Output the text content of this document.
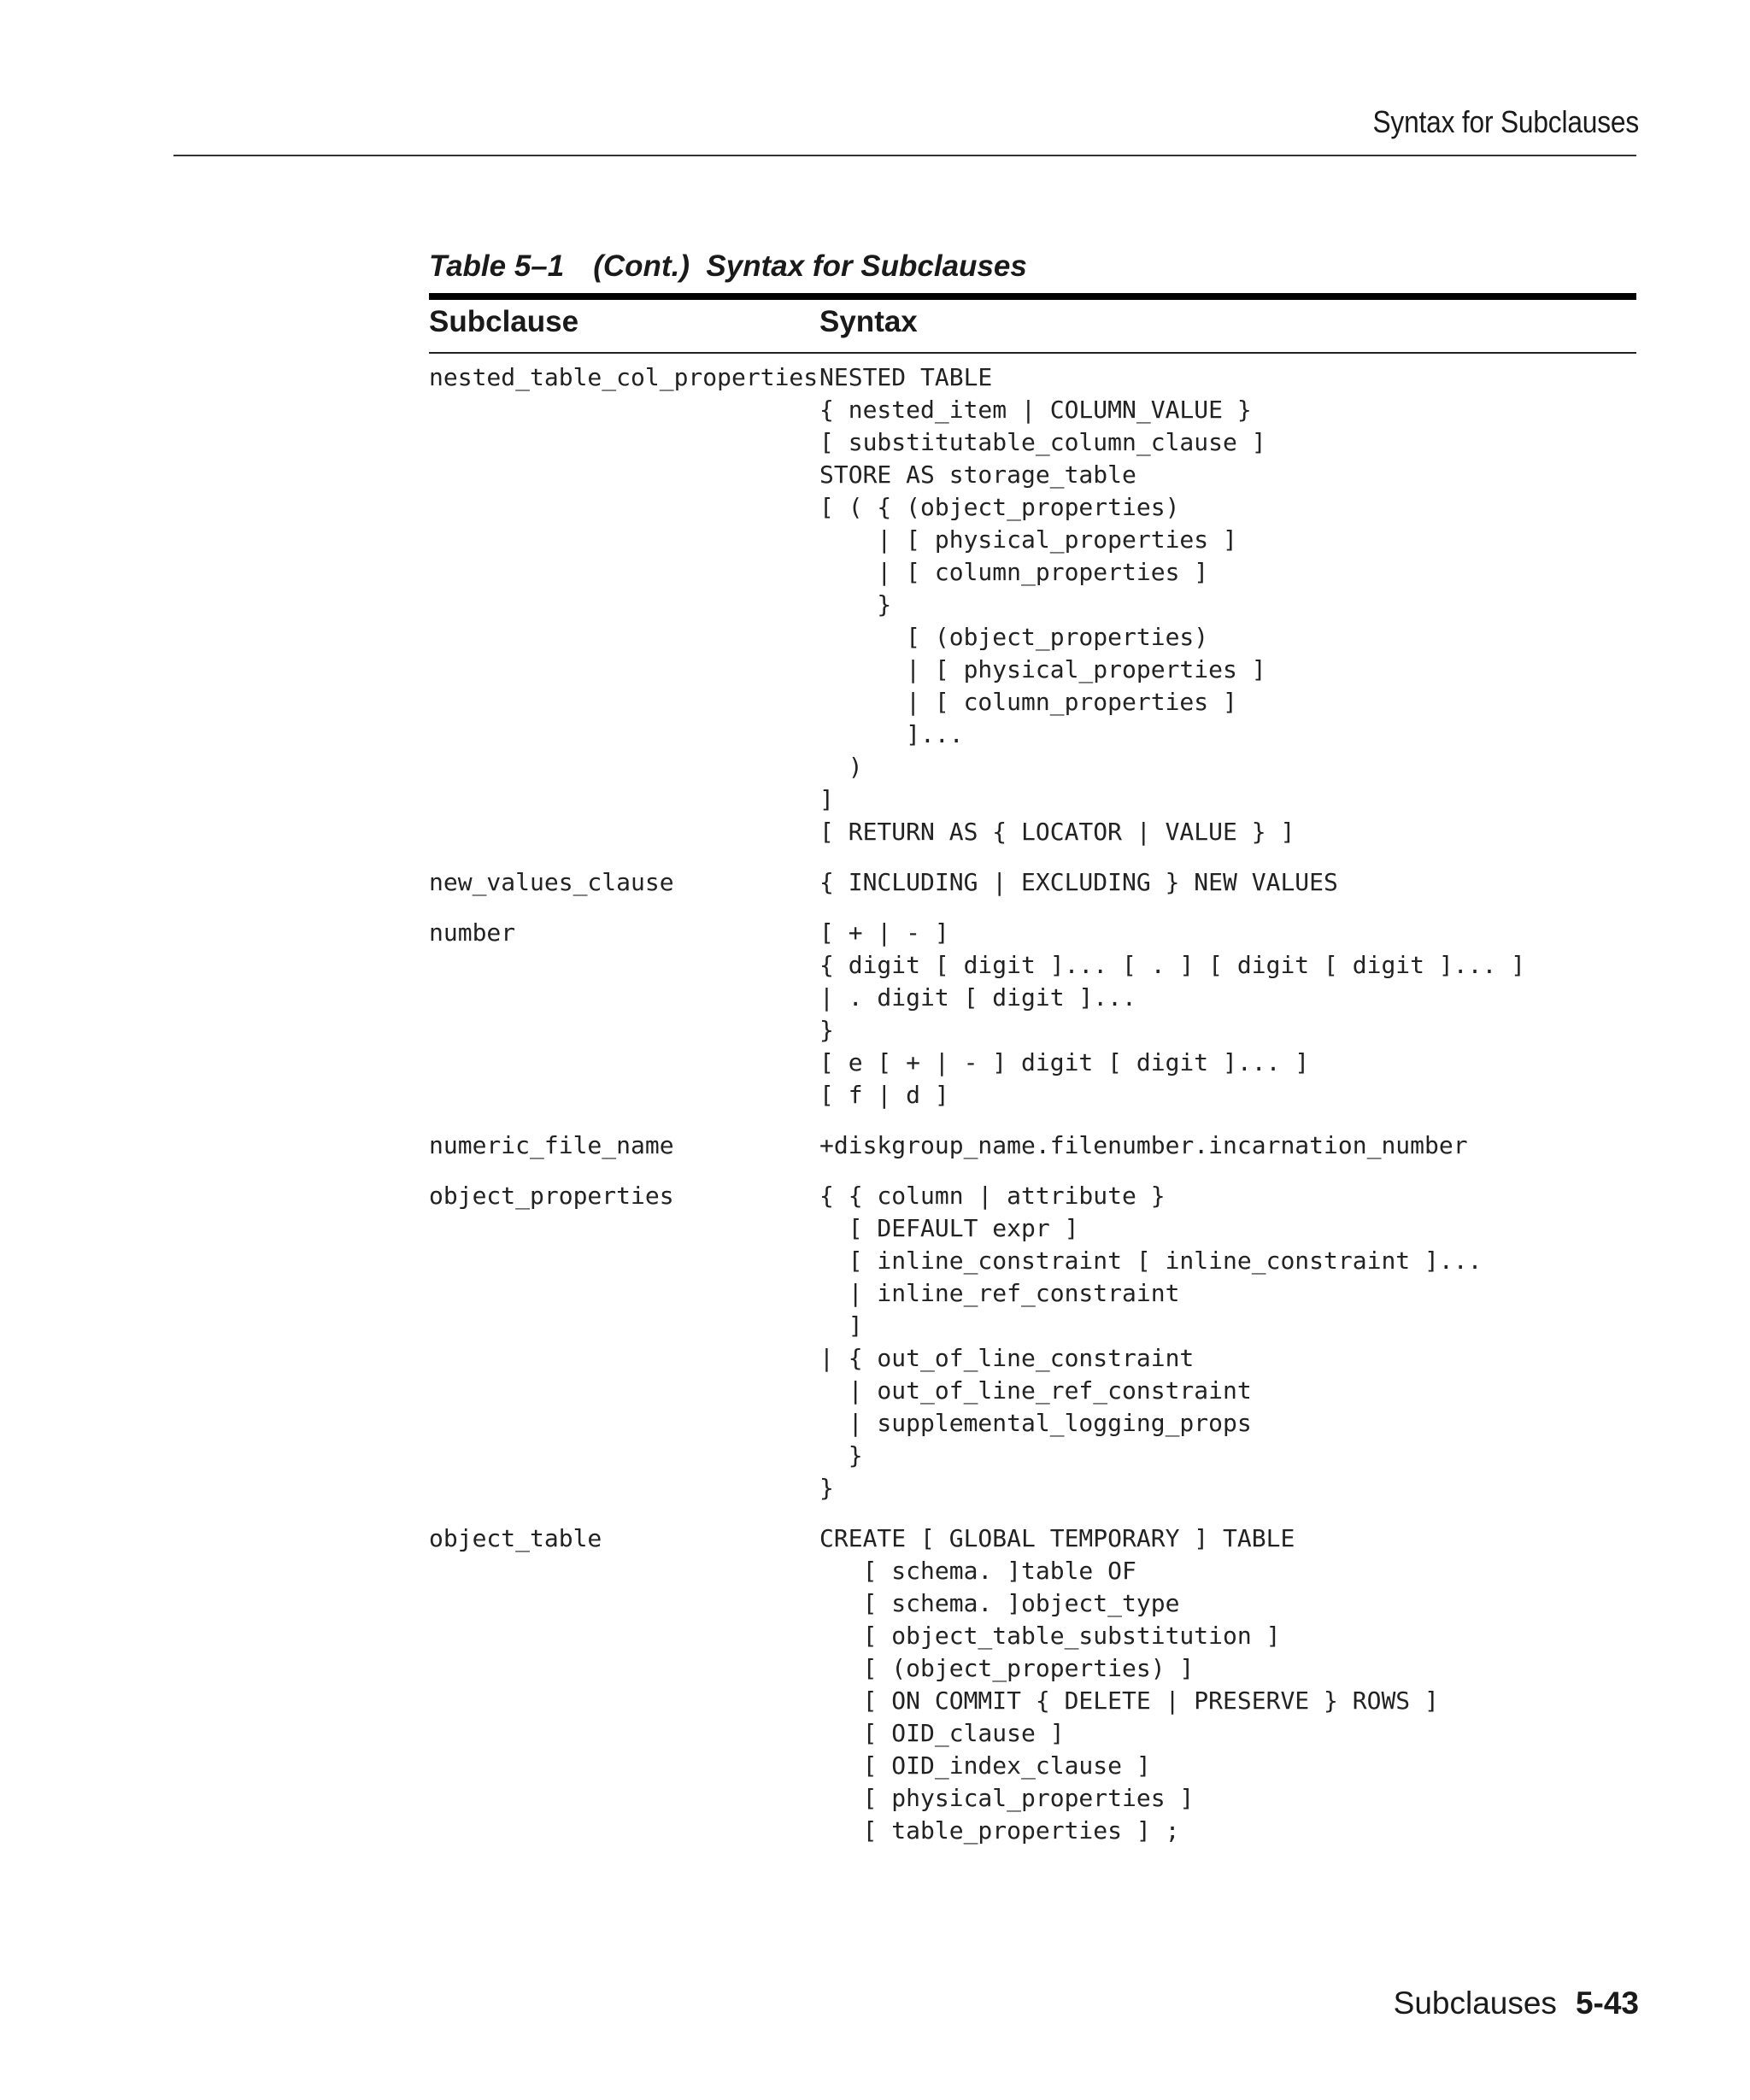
Syntax for Subclauses
Table 5–1 (Cont.)  Syntax for Subclauses
Subclause	Syntax
nested_table_col_properties NESTED TABLE
{ nested_item | COLUMN_VALUE }
[ substitutable_column_clause ]
STORE AS storage_table
[ ( { (object_properties)
| [ physical_properties ]
| [ column_properties ]
}
[ (object_properties)
| [ physical_properties ]
| [ column_properties ]
]...
)
]
[ RETURN AS { LOCATOR | VALUE } ]
new_values_clause	{ INCLUDING | EXCLUDING } NEW VALUES
number	[ + | - ]
{ digit [ digit ]... [ . ] [ digit [ digit ]... ]
| . digit [ digit ]...
}
[ e [ + | - ] digit [ digit ]... ]
[ f | d ]
numeric_file_name	+diskgroup_name.filenumber.incarnation_number
object_properties	{ { column | attribute }
[ DEFAULT expr ]
[ inline_constraint [ inline_constraint ]...
| inline_ref_constraint
]
| { out_of_line_constraint
| out_of_line_ref_constraint
| supplemental_logging_props
}
}
object_table	CREATE [ GLOBAL TEMPORARY ] TABLE
[ schema. ]table OF
[ schema. ]object_type
[ object_table_substitution ]
[ (object_properties) ]
[ ON COMMIT { DELETE | PRESERVE } ROWS ]
[ OID_clause ]
[ OID_index_clause ]
[ physical_properties ]
[ table_properties ] ;
Subclauses 5-43
